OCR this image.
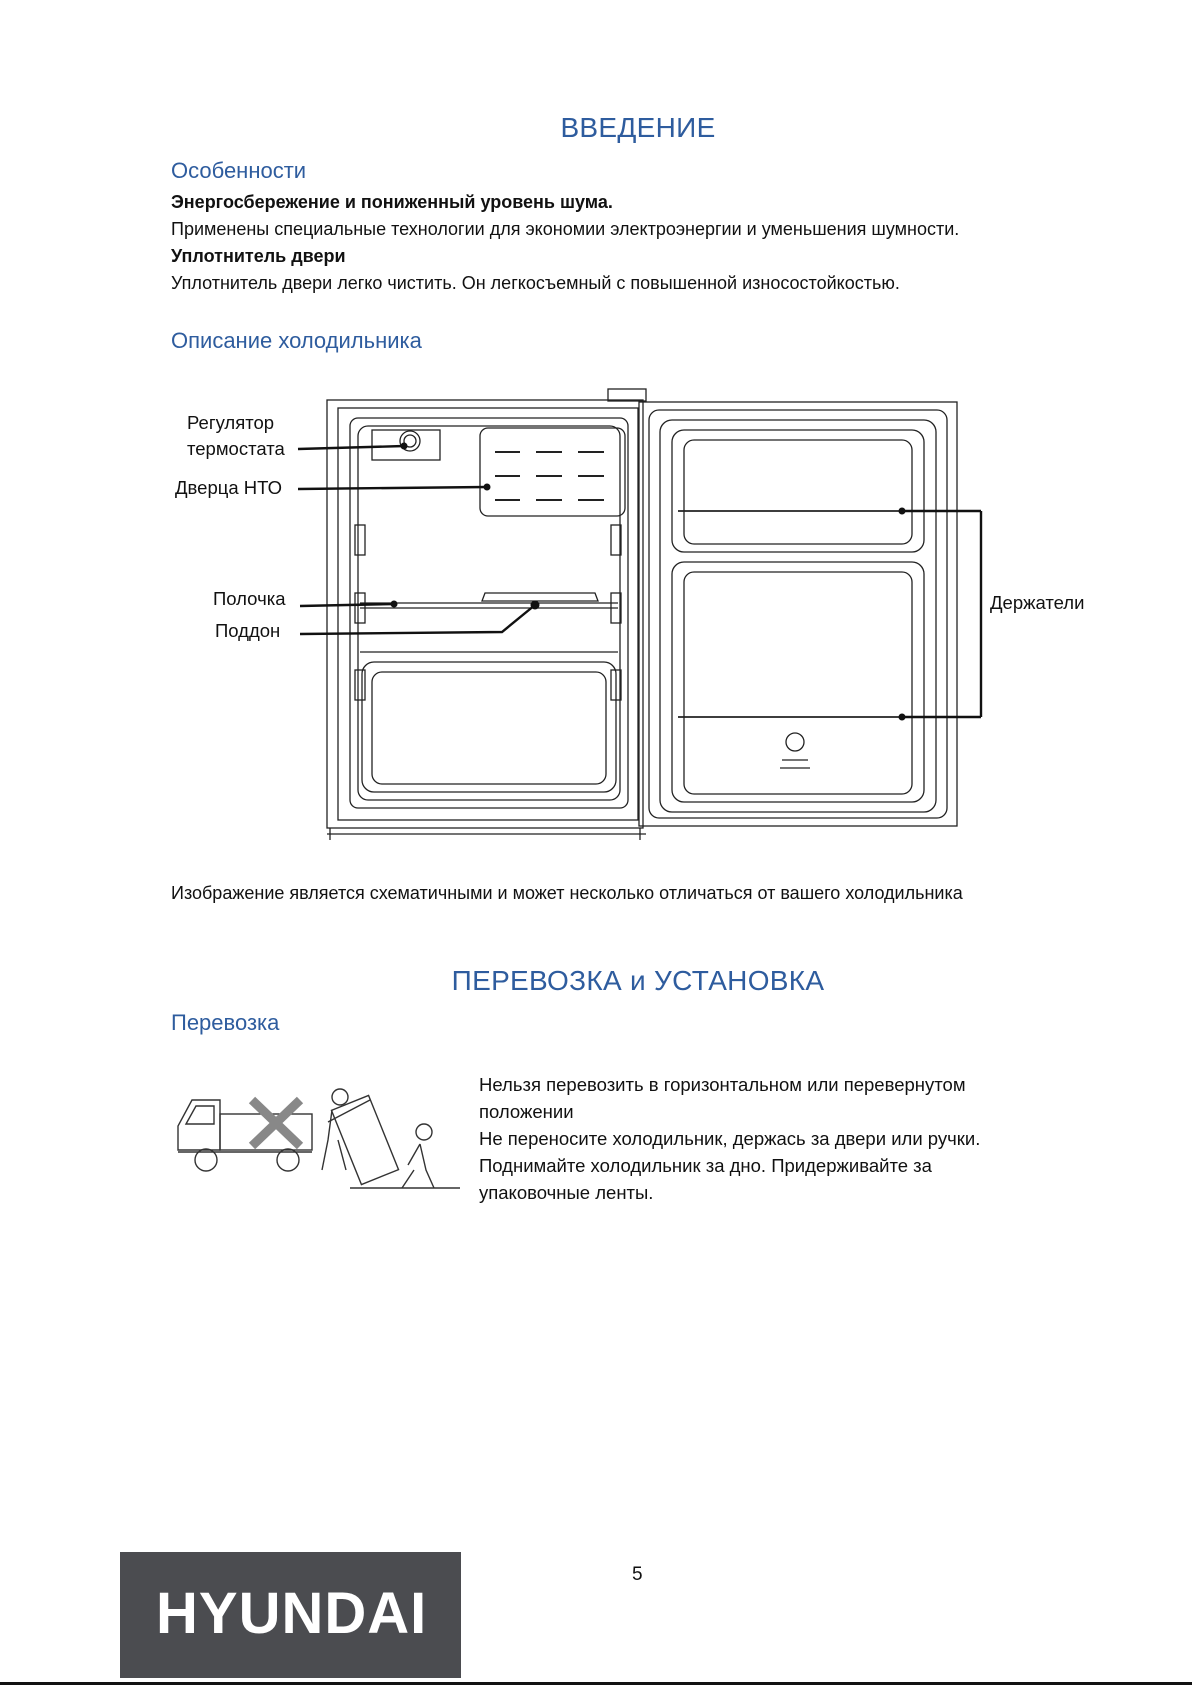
ВВЕДЕНИЕ
Особенности
Энергосбережение и пониженный уровень шума.
Применены специальные технологии для экономии электроэнергии и уменьшения шумности.
Уплотнитель двери
Уплотнитель двери легко чистить. Он легкосъемный с повышенной износостойкостью.
Описание холодильника
Регулятор
термостата
Дверца НТО
Полочка
Поддон
Держатели
Изображение является схематичными и может несколько отличаться от вашего холодильника
ПЕРЕВОЗКА и УСТАНОВКА
Перевозка
Нельзя перевозить в горизонтальном или перевернутом
положении
Не переносите холодильник, держась за двери или ручки.
Поднимайте холодильник за дно. Придерживайте за
упаковочные ленты.
5
HYUNDAI
